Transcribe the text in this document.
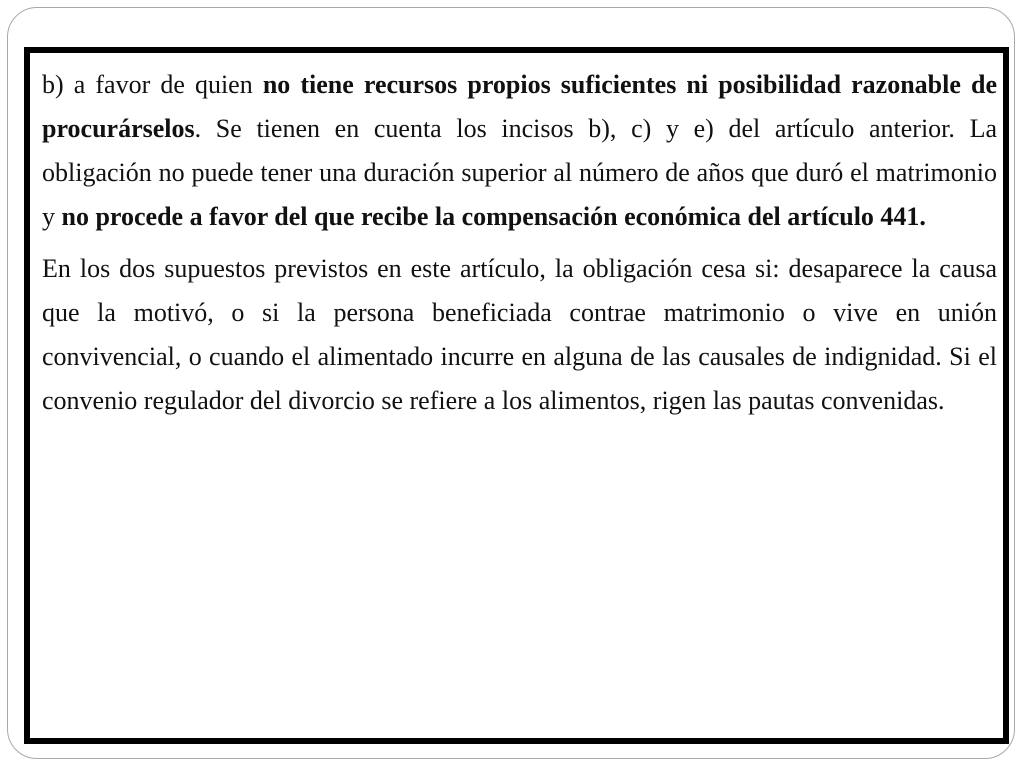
b) a favor de quien no tiene recursos propios suficientes ni posibilidad razonable de procurárselos. Se tienen en cuenta los incisos b), c) y e) del artículo anterior. La obligación no puede tener una duración superior al número de años que duró el matrimonio y no procede a favor del que recibe la compensación económica del artículo 441.

En los dos supuestos previstos en este artículo, la obligación cesa si: desaparece la causa que la motivó, o si la persona beneficiada contrae matrimonio o vive en unión convivencial, o cuando el alimentado incurre en alguna de las causales de indignidad. Si el convenio regulador del divorcio se refiere a los alimentos, rigen las pautas convenidas.
